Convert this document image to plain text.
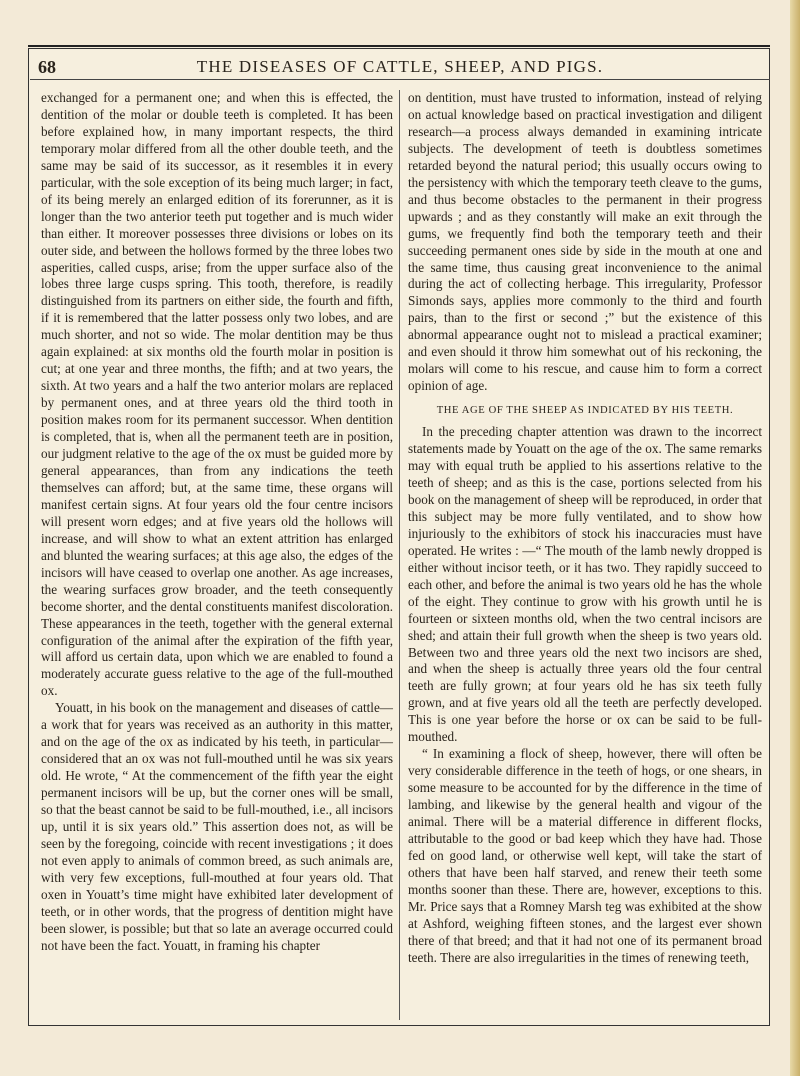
68	THE DISEASES OF CATTLE, SHEEP, AND PIGS.

exchanged for a permanent one; and when this is effected, the dentition of the molar or double teeth is completed. It has been before explained how, in many important respects, the third temporary molar differed from all the other double teeth, and the same may be said of its successor, as it resembles it in every particular, with the sole exception of its being much larger; in fact, of its being merely an enlarged edition of its forerunner, as it is longer than the two anterior teeth put together and is much wider than either. It moreover possesses three divisions or lobes on its outer side, and between the hollows formed by the three lobes two asperities, called cusps, arise; from the upper surface also of the lobes three large cusps spring. This tooth, therefore, is readily distinguished from its partners on either side, the fourth and fifth, if it is remembered that the latter possess only two lobes, and are much shorter, and not so wide. The molar dentition may be thus again explained: at six months old the fourth molar in position is cut; at one year and three months, the fifth; and at two years, the sixth. At two years and a half the two anterior molars are replaced by permanent ones, and at three years old the third tooth in position makes room for its permanent successor. When dentition is completed, that is, when all the permanent teeth are in position, our judgment relative to the age of the ox must be guided more by general appearances, than from any indications the teeth themselves can afford; but, at the same time, these organs will manifest certain signs. At four years old the four centre incisors will present worn edges; and at five years old the hollows will increase, and will show to what an extent attrition has enlarged and blunted the wearing surfaces; at this age also, the edges of the incisors will have ceased to overlap one another. As age increases, the wearing surfaces grow broader, and the teeth consequently become shorter, and the dental constituents manifest discoloration. These appearances in the teeth, together with the general external configuration of the animal after the expiration of the fifth year, will afford us certain data, upon which we are enabled to found a moderately accurate guess relative to the age of the full-mouthed ox.

Youatt, in his book on the management and diseases of cattle—a work that for years was received as an authority in this matter, and on the age of the ox as indicated by his teeth, in particular—considered that an ox was not full-mouthed until he was six years old. He wrote, “ At the commencement of the fifth year the eight permanent incisors will be up, but the corner ones will be small, so that the beast cannot be said to be full-mouthed, i.e., all incisors up, until it is six years old.” This assertion does not, as will be seen by the foregoing, coincide with recent investigations ; it does not even apply to animals of common breed, as such animals are, with very few exceptions, full-mouthed at four years old. That oxen in Youatt’s time might have exhibited later development of teeth, or in other words, that the progress of dentition might have been slower, is possible; but that so late an average occurred could not have been the fact. Youatt, in framing his chapter

on dentition, must have trusted to information, instead of relying on actual knowledge based on practical investigation and diligent research—a process always demanded in examining intricate subjects. The development of teeth is doubtless sometimes retarded beyond the natural period; this usually occurs owing to the persistency with which the temporary teeth cleave to the gums, and thus become obstacles to the permanent in their progress upwards ; and as they constantly will make an exit through the gums, we frequently find both the temporary teeth and their succeeding permanent ones side by side in the mouth at one and the same time, thus causing great inconvenience to the animal during the act of collecting herbage. This irregularity, Professor Simonds says, applies more commonly to the third and fourth pairs, than to the first or second ;” but the existence of this abnormal appearance ought not to mislead a practical examiner; and even should it throw him somewhat out of his reckoning, the molars will come to his rescue, and cause him to form a correct opinion of age.

THE AGE OF THE SHEEP AS INDICATED BY HIS TEETH.

In the preceding chapter attention was drawn to the incorrect statements made by Youatt on the age of the ox. The same remarks may with equal truth be applied to his assertions relative to the teeth of sheep; and as this is the case, portions selected from his book on the management of sheep will be reproduced, in order that this subject may be more fully ventilated, and to show how injuriously to the exhibitors of stock his inaccuracies must have operated. He writes : —“ The mouth of the lamb newly dropped is either without incisor teeth, or it has two. They rapidly succeed to each other, and before the animal is two years old he has the whole of the eight. They continue to grow with his growth until he is fourteen or sixteen months old, when the two central incisors are shed; and attain their full growth when the sheep is two years old. Between two and three years old the next two incisors are shed, and when the sheep is actually three years old the four central teeth are fully grown; at four years old he has six teeth fully grown, and at five years old all the teeth are perfectly developed. This is one year before the horse or ox can be said to be full-mouthed.

“ In examining a flock of sheep, however, there will often be very considerable difference in the teeth of hogs, or one shears, in some measure to be accounted for by the difference in the time of lambing, and likewise by the general health and vigour of the animal. There will be a material difference in different flocks, attributable to the good or bad keep which they have had. Those fed on good land, or otherwise well kept, will take the start of others that have been half starved, and renew their teeth some months sooner than these. There are, however, exceptions to this. Mr. Price says that a Romney Marsh teg was exhibited at the show at Ashford, weighing fifteen stones, and the largest ever shown there of that breed; and that it had not one of its permanent broad teeth. There are also irregularities in the times of renewing teeth,
